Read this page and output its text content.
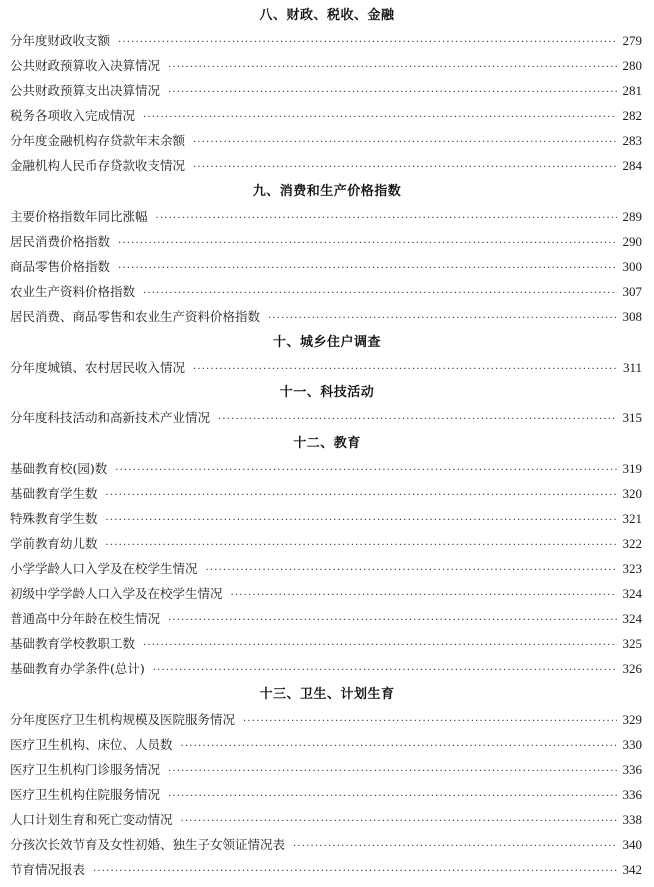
八、财政、税收、金融
分年度财政收支额 ·····	279
公共财政预算收入决算情况 ·····	280
公共财政预算支出决算情况 ·····	281
税务各项收入完成情况 ·····	282
分年度金融机构存贷款年末余额 ·····	283
金融机构人民币存贷款收支情况 ·····	284
九、消费和生产价格指数
主要价格指数年同比涨幅 ·····	289
居民消费价格指数 ·····	290
商品零售价格指数 ·····	300
农业生产资料价格指数 ·····	307
居民消费、商品零售和农业生产资料价格指数 ·····	308
十、城乡住户调查
分年度城镇、农村居民收入情况 ·····	311
十一、科技活动
分年度科技活动和高新技术产业情况 ·····	315
十二、教育
基础教育校(园)数 ·····	319
基础教育学生数 ·····	320
特殊教育学生数 ·····	321
学前教育幼儿数 ·····	322
小学学龄人口入学及在校学生情况 ·····	323
初级中学学龄人口入学及在校学生情况 ·····	324
普通高中分年龄在校生情况 ·····	324
基础教育学校教职工数 ·····	325
基础教育办学条件(总计) ·····	326
十三、卫生、计划生育
分年度医疗卫生机构规模及医院服务情况 ·····	329
医疗卫生机构、床位、人员数 ·····	330
医疗卫生机构门诊服务情况 ·····	336
医疗卫生机构住院服务情况 ·····	336
人口计划生育和死亡变动情况 ·····	338
分孩次长效节育及女性初婚、独生子女领证情况表 ·····	340
节育情况报表 ·····	342
